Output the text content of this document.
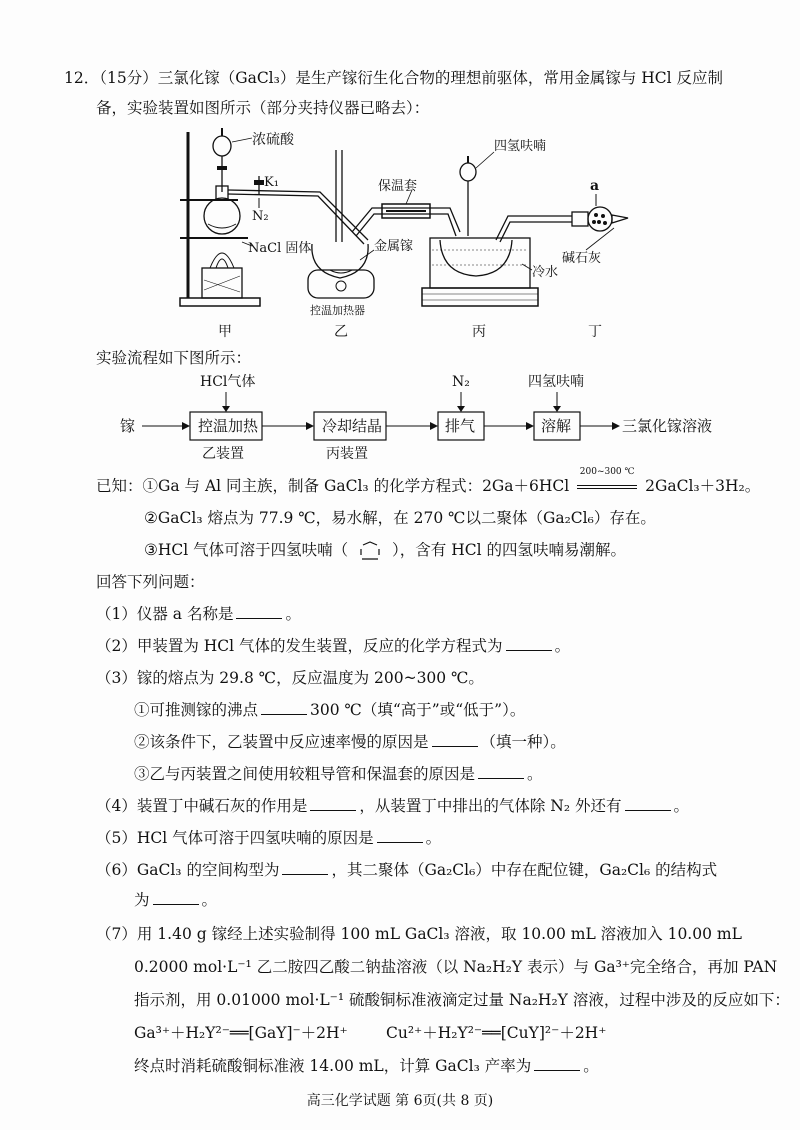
12．（15分）三氯化镓（GaCl₃）是生产镓衍生化合物的理想前驱体，常用金属镓与 HCl 反应制
备，实验装置如图所示（部分夹持仪器已略去）：
浓硫酸
K₁
N₂
NaCl 固体
保温套
金属镓
控温加热器
四氢呋喃
a
碱石灰
冷水
甲	乙	丙	丁
实验流程如下图所示：
镓	控温加热	冷却结晶	排气	溶解	三氯化镓溶液
HCl气体	N₂	四氢呋喃
乙装置	丙装置
已知：①Ga 与 Al 同主族，制备 GaCl₃ 的化学方程式：2Ga＋6HCl
200~300 ℃
2GaCl₃＋3H₂。
②GaCl₃ 熔点为 77.9 ℃，易水解，在 270 ℃以二聚体（Ga₂Cl₆）存在。
③HCl 气体可溶于四氢呋喃（	），含有 HCl 的四氢呋喃易潮解。
回答下列问题：
（1）仪器 a 名称是	。
（2）甲装置为 HCl 气体的发生装置，反应的化学方程式为	。
（3）镓的熔点为 29.8 ℃，反应温度为 200~300 ℃。
①可推测镓的沸点	300 ℃（填“高于”或“低于”）。
②该条件下，乙装置中反应速率慢的原因是	（填一种）。
③乙与丙装置之间使用较粗导管和保温套的原因是	。
（4）装置丁中碱石灰的作用是	，从装置丁中排出的气体除 N₂ 外还有	。
（5）HCl 气体可溶于四氢呋喃的原因是	。
（6）GaCl₃ 的空间构型为	，其二聚体（Ga₂Cl₆）中存在配位键，Ga₂Cl₆ 的结构式
为	。
（7）用 1.40 g 镓经上述实验制得 100 mL GaCl₃ 溶液，取 10.00 mL 溶液加入 10.00 mL
0.2000 mol·L⁻¹ 乙二胺四乙酸二钠盐溶液（以 Na₂H₂Y 表示）与 Ga³⁺完全络合，再加 PAN
指示剂，用 0.01000 mol·L⁻¹ 硫酸铜标准液滴定过量 Na₂H₂Y 溶液，过程中涉及的反应如下：
Ga³⁺＋H₂Y²⁻══[GaY]⁻＋2H⁺ Cu²⁺＋H₂Y²⁻══[CuY]²⁻＋2H⁺
终点时消耗硫酸铜标准液 14.00 mL，计算 GaCl₃ 产率为	。
高三化学试题 第 6页(共 8 页)
